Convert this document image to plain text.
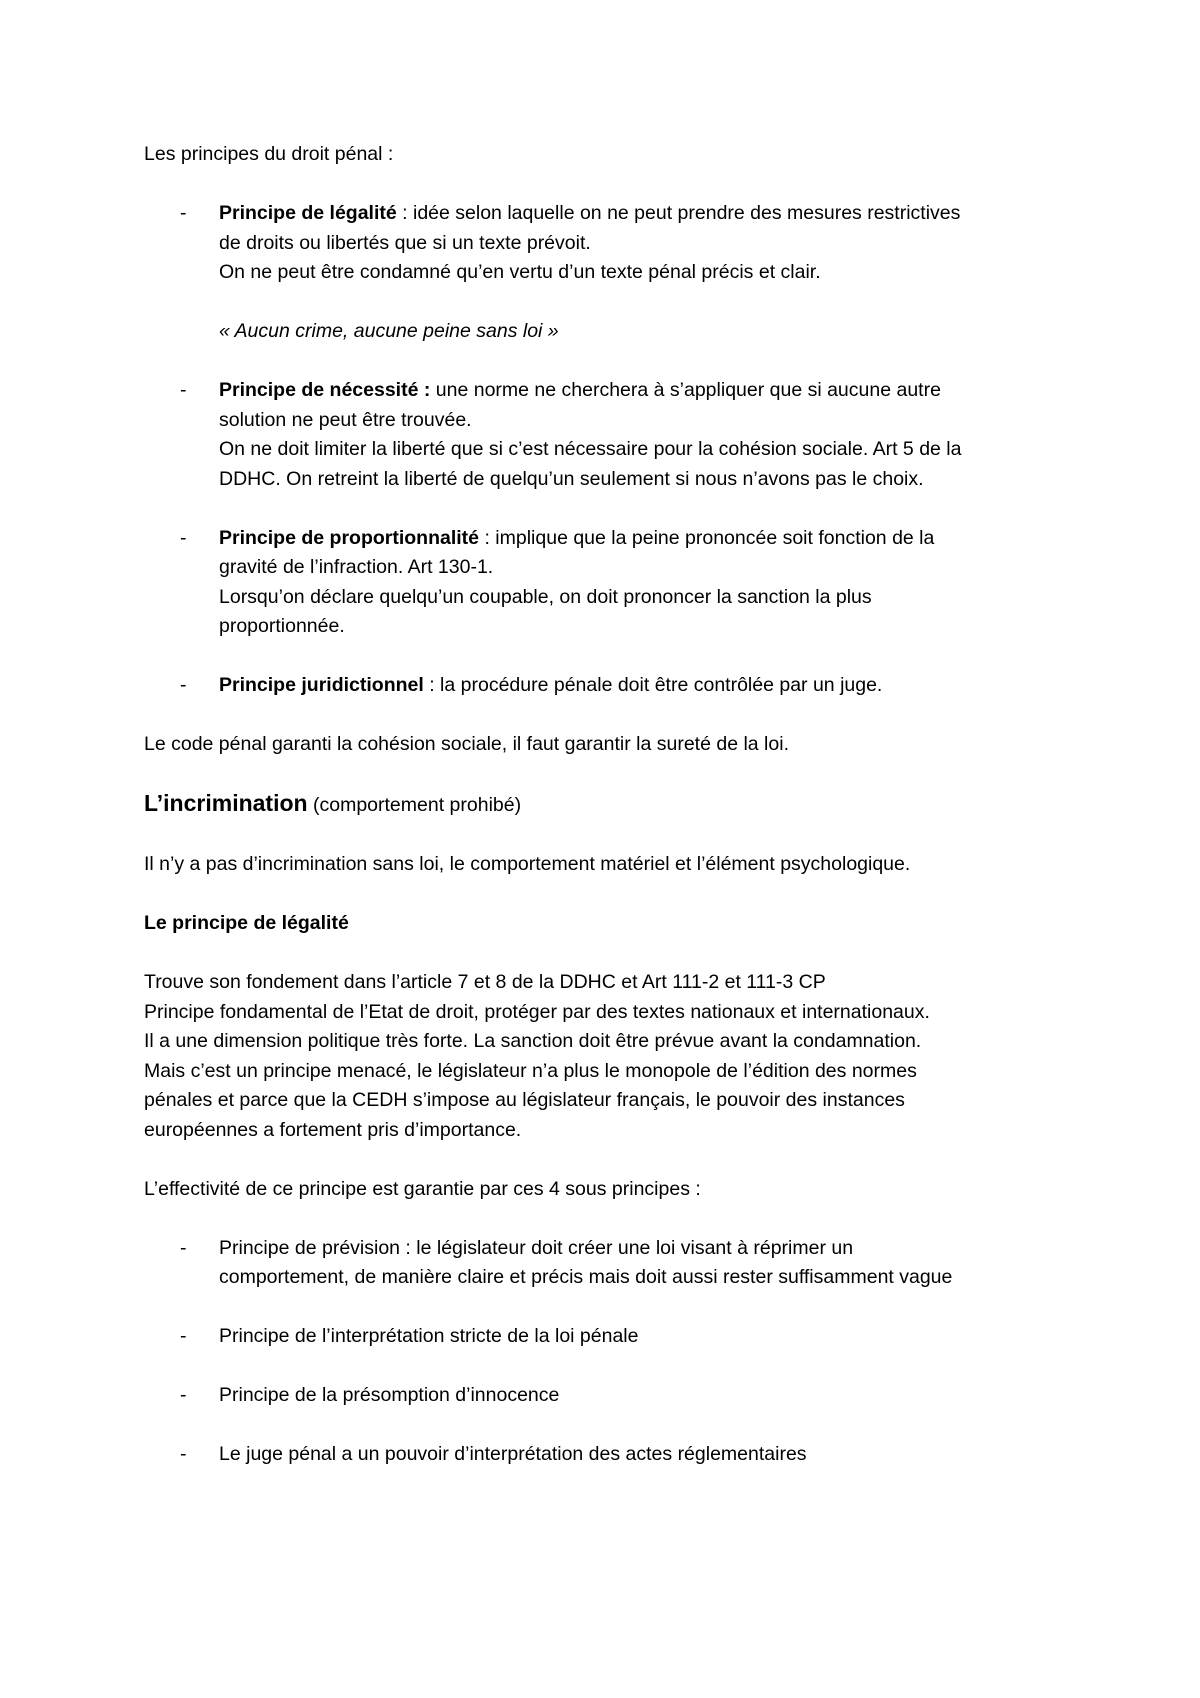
Les principes du droit pénal :

- Principe de légalité : idée selon laquelle on ne peut prendre des mesures restrictives

de droits ou libertés que si un texte prévoit.

On ne peut être condamné qu’en vertu d’un texte pénal précis et clair.

« Aucun crime, aucune peine sans loi »

- Principe de nécessité : une norme ne cherchera à s’appliquer que si aucune autre

solution ne peut être trouvée.

On ne doit limiter la liberté que si c’est nécessaire pour la cohésion sociale. Art 5 de la

DDHC. On retreint la liberté de quelqu’un seulement si nous n’avons pas le choix.

- Principe de proportionnalité : implique que la peine prononcée soit fonction de la

gravité de l’infraction. Art 130-1.

Lorsqu’on déclare quelqu’un coupable, on doit prononcer la sanction la plus

proportionnée.

- Principe juridictionnel : la procédure pénale doit être contrôlée par un juge.

Le code pénal garanti la cohésion sociale, il faut garantir la sureté de la loi.

L’incrimination (comportement prohibé)

Il n’y a pas d’incrimination sans loi, le comportement matériel et l’élément psychologique.

Le principe de légalité

Trouve son fondement dans l’article 7 et 8 de la DDHC et Art 111-2 et 111-3 CP

Principe fondamental de l’Etat de droit, protéger par des textes nationaux et internationaux.

Il a une dimension politique très forte. La sanction doit être prévue avant la condamnation.

Mais c’est un principe menacé, le législateur n’a plus le monopole de l’édition des normes

pénales et parce que la CEDH s’impose au législateur français, le pouvoir des instances

européennes a fortement pris d’importance.

L’effectivité de ce principe est garantie par ces 4 sous principes :

- Principe de prévision : le législateur doit créer une loi visant à réprimer un

comportement, de manière claire et précis mais doit aussi rester suffisamment vague

- Principe de l’interprétation stricte de la loi pénale

- Principe de la présomption d’innocence

- Le juge pénal a un pouvoir d’interprétation des actes réglementaires
